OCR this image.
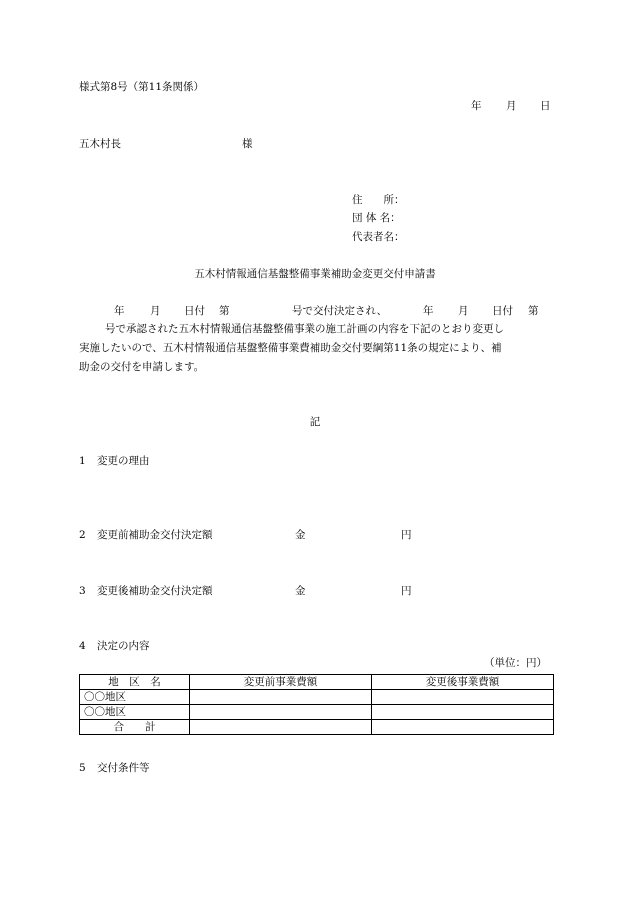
様式第8号（第11条関係）
年 月 日
五木村長	様
住　　所：
団 体 名：
代表者名：
五木村情報通信基盤整備事業補助金変更交付申請書
年 月 日付 第	号で交付決定され、	年 月 日付 第
号で承認された五木村情報通信基盤整備事業の施工計画の内容を下記のとおり変更し
実施したいので、五木村情報通信基盤整備事業費補助金交付要綱第11条の規定により、補
助金の交付を申請します。
記
1 変更の理由
2 変更前補助金交付決定額	金	円
3 変更後補助金交付決定額	金	円
4 決定の内容
（単位：円）
地　区　名	変更前事業費額	変更後事業費額
〇〇地区		
〇〇地区		
合　　計		
5 交付条件等
